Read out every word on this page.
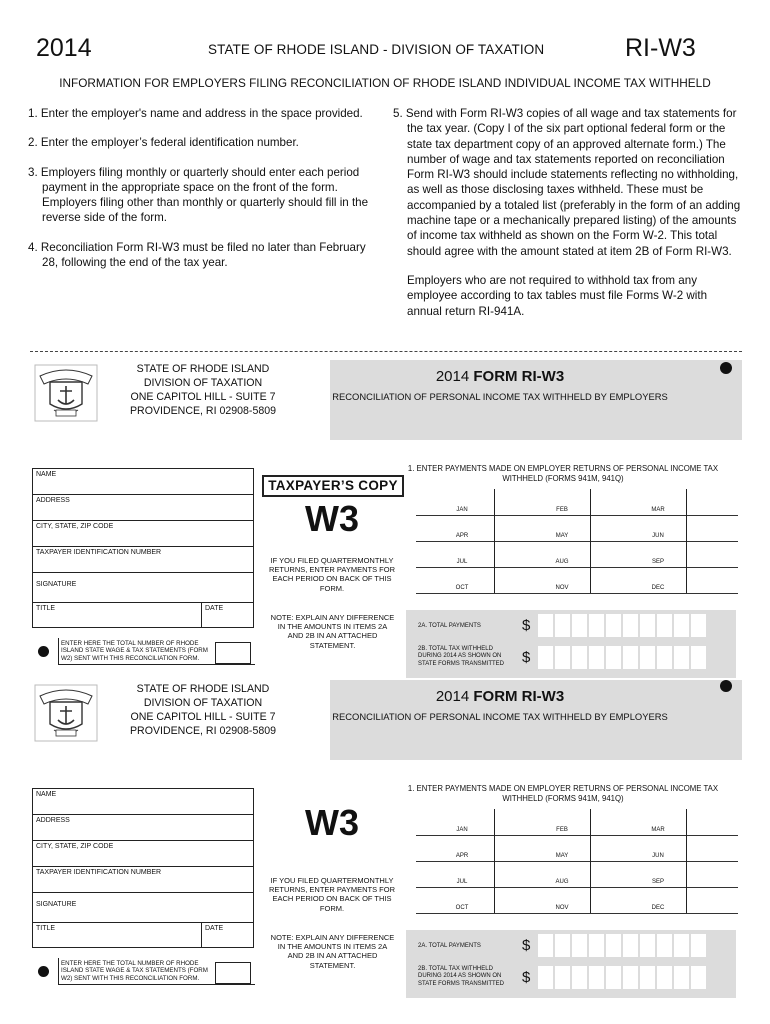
2014	STATE OF RHODE ISLAND - DIVISION OF TAXATION	RI-W3
INFORMATION FOR EMPLOYERS FILING RECONCILIATION OF RHODE ISLAND INDIVIDUAL INCOME TAX WITHHELD

1. Enter the employer's name and address in the space provided.

2. Enter the employer’s federal identification number.

3. Employers filing monthly or quarterly should enter each period payment in the appropriate space on the front of the form. Employers filing other than monthly or quarterly should fill in the reverse side of the form.

4. Reconciliation Form RI-W3 must be filed no later than February 28, following the end of the tax year.

5. Send with Form RI-W3 copies of all wage and tax statements for the tax year. (Copy I of the six part optional federal form or the state tax department copy of an approved alternate form.) The number of wage and tax statements reported on reconciliation Form RI-W3 should include statements reflecting no withholding, as well as those disclosing taxes withheld. These must be accompanied by a totaled list (preferably in the form of an adding machine tape or a mechanically prepared listing) of the amounts of income tax withheld as shown on the Form W-2. This total should agree with the amount stated at item 2B of Form RI-W3.

Employers who are not required to withhold tax from any employee according to tax tables must file Forms W-2 with annual return RI-941A.

STATE OF RHODE ISLAND
DIVISION OF TAXATION
ONE CAPITOL HILL - SUITE 7
PROVIDENCE, RI 02908-5809
2014 FORM RI-W3
RECONCILIATION OF PERSONAL INCOME TAX WITHHELD BY EMPLOYERS
NAME
ADDRESS
CITY, STATE, ZIP CODE
TAXPAYER IDENTIFICATION NUMBER
SIGNATURE
TITLE	DATE
ENTER HERE THE TOTAL NUMBER OF RHODE ISLAND STATE WAGE & TAX STATEMENTS (FORM W2) SENT WITH THIS RECONCILIATION FORM.
TAXPAYER’S COPY
W3
IF YOU FILED QUARTERMONTHLY RETURNS, ENTER PAYMENTS FOR EACH PERIOD ON BACK OF THIS FORM.
NOTE: EXPLAIN ANY DIFFERENCE IN THE AMOUNTS IN ITEMS 2A AND 2B IN AN ATTACHED STATEMENT.
1. ENTER PAYMENTS MADE ON EMPLOYER RETURNS OF PERSONAL INCOME TAX WITHHELD (FORMS 941M, 941Q)
JAN	FEB	MAR
APR	MAY	JUN
JUL	AUG	SEP
OCT	NOV	DEC
2A. TOTAL PAYMENTS	$
2B. TOTAL TAX WITHHELD DURING 2014 AS SHOWN ON STATE FORMS TRANSMITTED	$
STATE OF RHODE ISLAND
DIVISION OF TAXATION
ONE CAPITOL HILL - SUITE 7
PROVIDENCE, RI 02908-5809
2014 FORM RI-W3
RECONCILIATION OF PERSONAL INCOME TAX WITHHELD BY EMPLOYERS
NAME
ADDRESS
CITY, STATE, ZIP CODE
TAXPAYER IDENTIFICATION NUMBER
SIGNATURE
TITLE	DATE
ENTER HERE THE TOTAL NUMBER OF RHODE ISLAND STATE WAGE & TAX STATEMENTS (FORM W2) SENT WITH THIS RECONCILIATION FORM.
W3
IF YOU FILED QUARTERMONTHLY RETURNS, ENTER PAYMENTS FOR EACH PERIOD ON BACK OF THIS FORM.
NOTE: EXPLAIN ANY DIFFERENCE IN THE AMOUNTS IN ITEMS 2A AND 2B IN AN ATTACHED STATEMENT.
1. ENTER PAYMENTS MADE ON EMPLOYER RETURNS OF PERSONAL INCOME TAX WITHHELD (FORMS 941M, 941Q)
JAN	FEB	MAR
APR	MAY	JUN
JUL	AUG	SEP
OCT	NOV	DEC
2A. TOTAL PAYMENTS	$
2B. TOTAL TAX WITHHELD DURING 2014 AS SHOWN ON STATE FORMS TRANSMITTED	$
